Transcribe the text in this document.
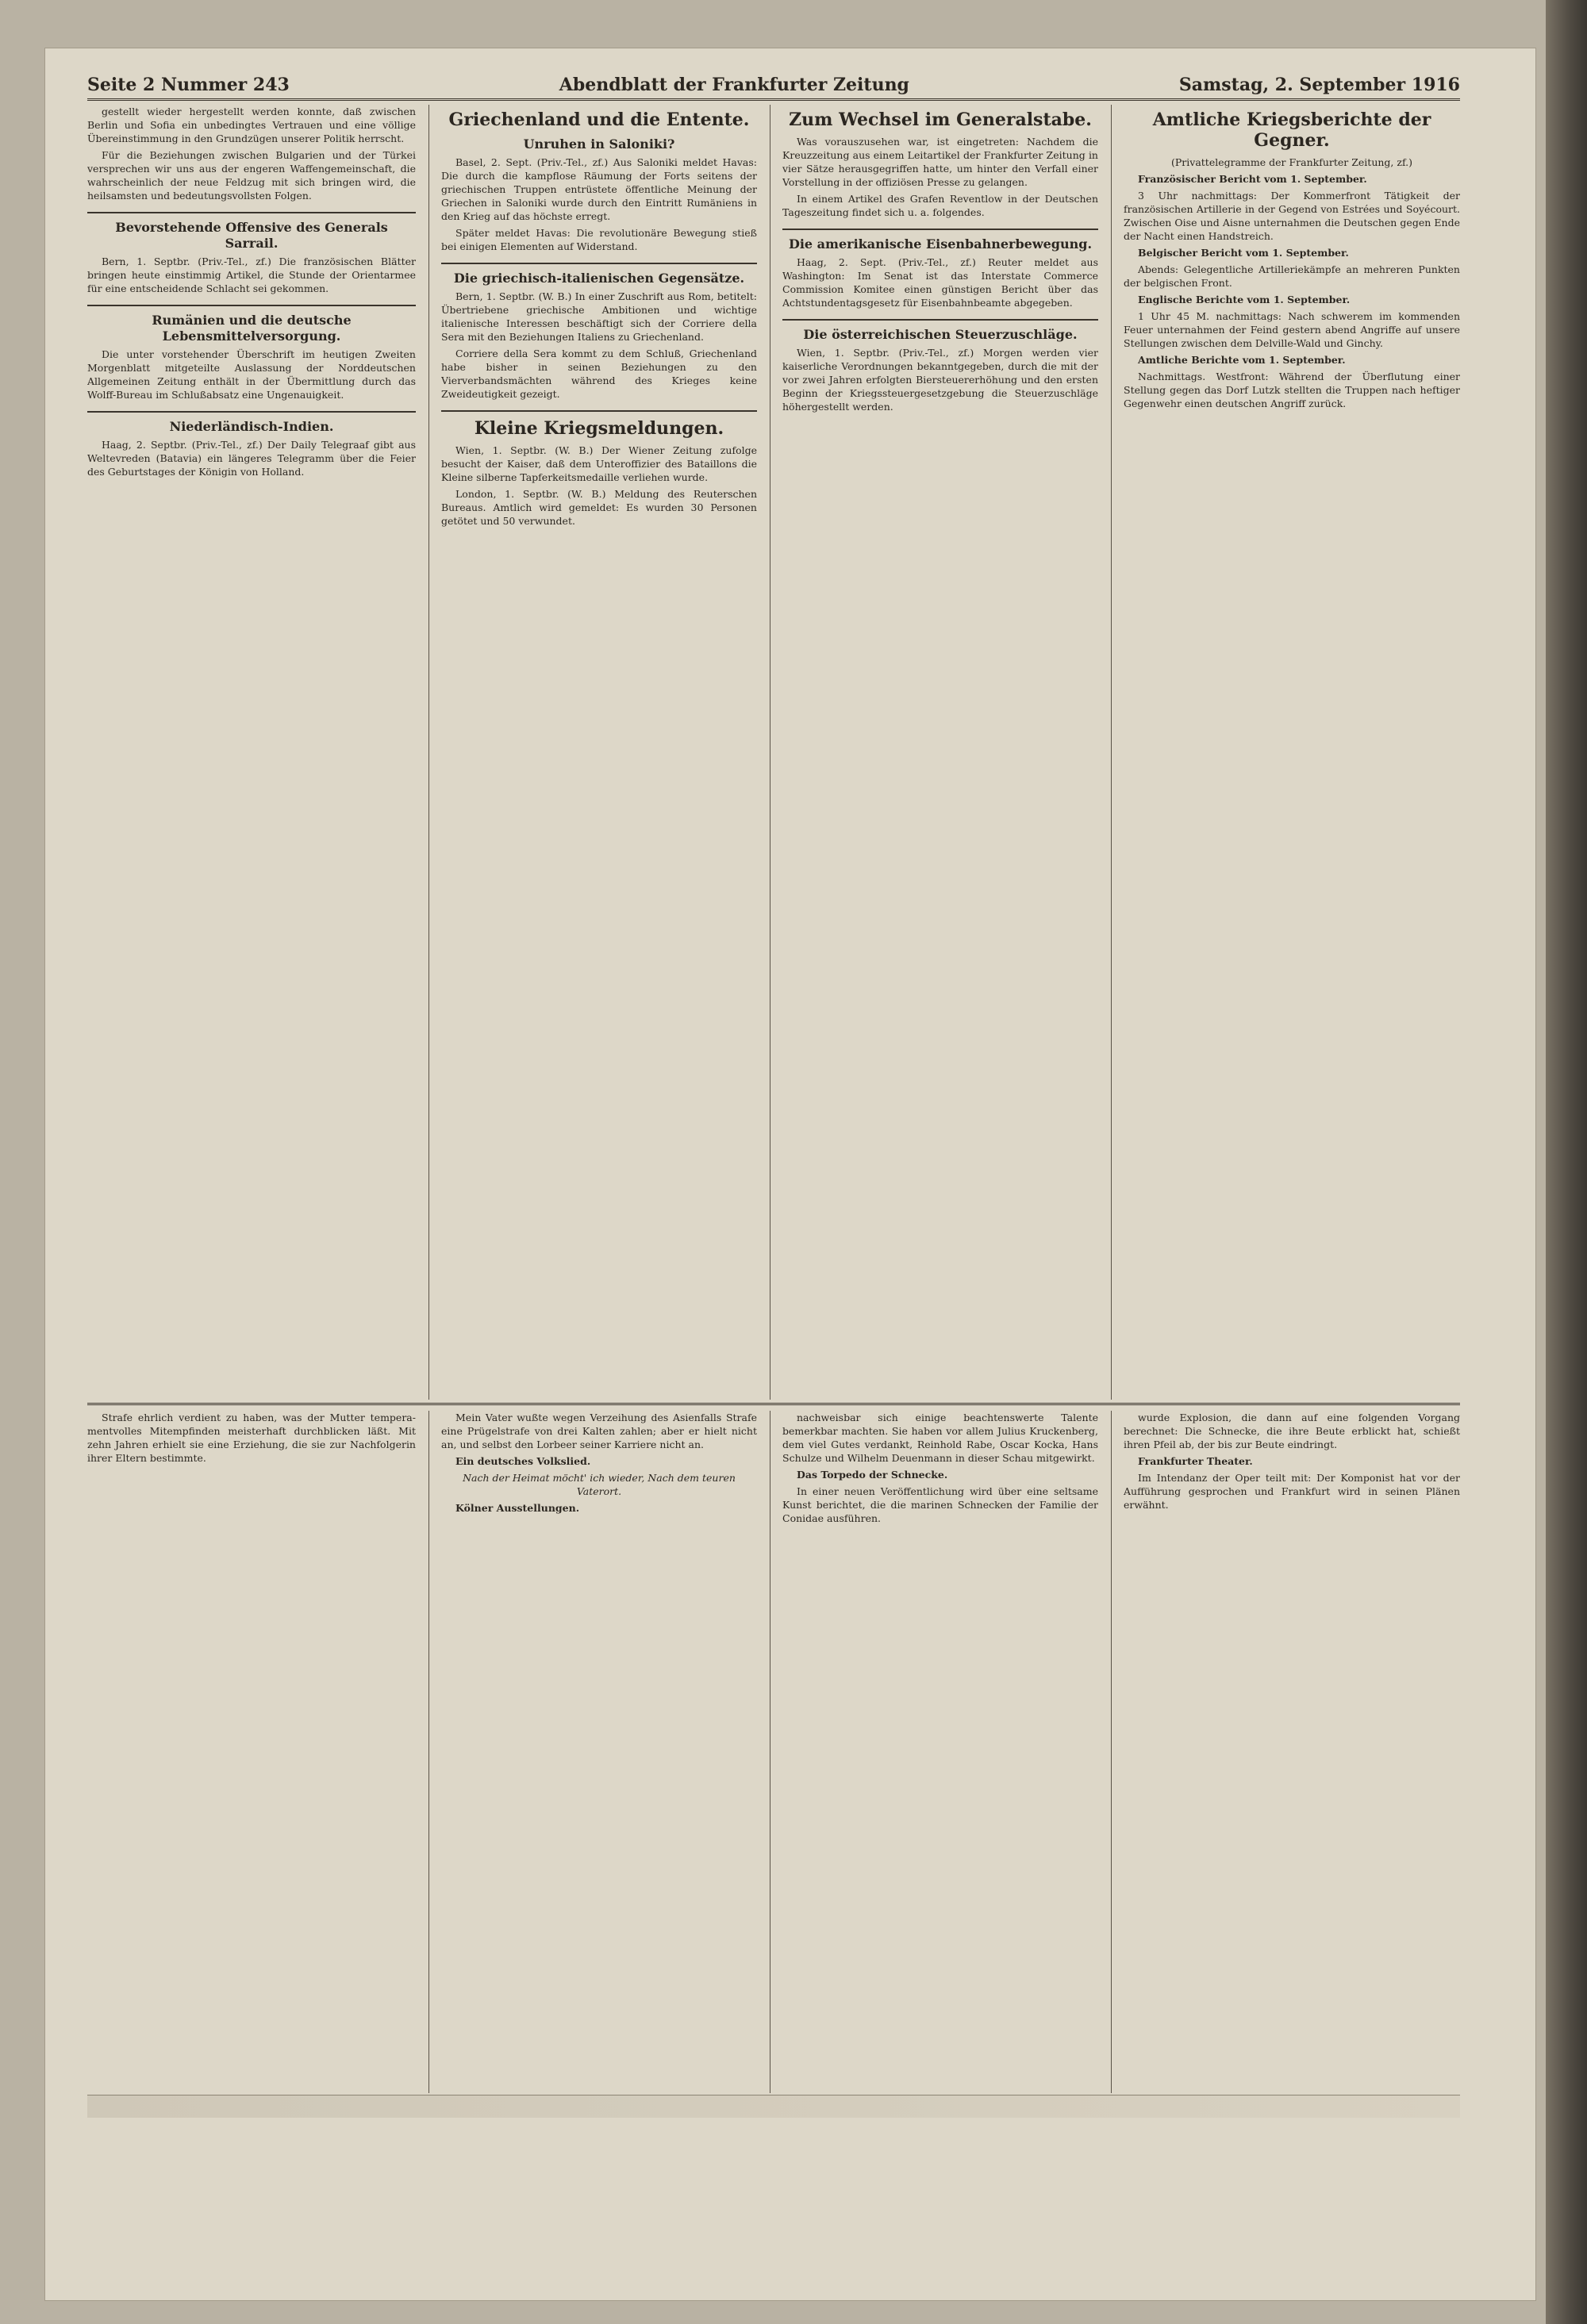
Seite 2 Nummer 243	Abendblatt der Frankfurter Zeitung	Samstag, 2. September 1916

gestellt wieder hergestellt werden konnte, daß zwischen Berlin und Sofia ein unbedingtes Vertrauen und eine völlige Übereinstimmung in den Grundzügen unserer Politik herrscht.

Für die Beziehungen zwischen Bulgarien und der Türkei versprechen wir uns aus der engeren Waffengemeinschaft, die wahrscheinlich der neue Feldzug mit sich bringen wird, die heilsamsten und bedeutungsvollsten Folgen.

Bevorstehende Offensive des Generals Sarrail.

Bern, 1. Septbr. (Priv.-Tel., zf.) Die französischen Blätter bringen heute einstimmig Artikel, die Stunde der Orientarmee für eine entscheidende Schlacht sei gekommen.

Rumänien und die deutsche Lebensmittelversorgung.

Die unter vorstehender Überschrift im heutigen Zweiten Morgenblatt mitgeteilte Auslassung der Norddeutschen Allgemeinen Zeitung enthält in der Übermittlung durch das Wolff-Bureau im Schlußabsatz eine Ungenauigkeit.

Niederländisch-Indien.

Haag, 2. Septbr. (Priv.-Tel., zf.) Der Daily Telegraaf gibt aus Weltevreden (Batavia) ein längeres Telegramm über die Feier des Geburtstages der Königin von Holland.

Griechenland und die Entente.
Unruhen in Saloniki?

Basel, 2. Sept. (Priv.-Tel., zf.) Aus Saloniki meldet Havas: Die durch die kampflose Räumung der Forts seitens der griechischen Truppen entrüstete öffentliche Meinung der Griechen in Saloniki wurde durch den Eintritt Rumäniens in den Krieg auf das höchste erregt.

Später meldet Havas: Die revolutionäre Bewegung stieß bei einigen Elementen auf Widerstand.

Die griechisch-italienischen Gegensätze.

Bern, 1. Septbr. (W. B.) In einer Zuschrift aus Rom, betitelt: Übertriebene griechische Ambitionen und wichtige italienische Interessen beschäftigt sich der Corriere della Sera mit den Beziehungen Italiens zu Griechenland.

Corriere della Sera kommt zu dem Schluß, Griechenland habe bisher in seinen Beziehungen zu den Vierverbandsmächten während des Krieges keine Zweideutigkeit gezeigt.

Kleine Kriegsmeldungen.

Wien, 1. Septbr. (W. B.) Der Wiener Zeitung zufolge besucht der Kaiser, daß dem Unteroffizier des Bataillons die Kleine silberne Tapferkeitsmedaille verliehen wurde.

London, 1. Septbr. (W. B.) Meldung des Reuterschen Bureaus. Amtlich wird gemeldet: Es wurden 30 Personen getötet und 50 verwundet.

Zum Wechsel im Generalstabe.

Was vorauszusehen war, ist eingetreten: Nachdem die Kreuzzeitung aus einem Leitartikel der Frankfurter Zeitung in vier Sätze herausgegriffen hatte, um hinter den Verfall einer Vorstellung in der offiziösen Presse zu gelangen.

In einem Artikel des Grafen Reventlow in der Deutschen Tageszeitung findet sich u. a. folgendes.

Die amerikanische Eisenbahnerbewegung.

Haag, 2. Sept. (Priv.-Tel., zf.) Reuter meldet aus Washington: Im Senat ist das Interstate Commerce Commission Komitee einen günstigen Bericht über das Achtstundentagsgesetz für Eisenbahnbeamte abgegeben.

Die österreichischen Steuerzuschläge.

Wien, 1. Septbr. (Priv.-Tel., zf.) Morgen werden vier kaiserliche Verordnungen bekanntgegeben, durch die mit der vor zwei Jahren erfolgten Biersteuererhöhung und den ersten Beginn der Kriegssteuergesetzgebung die Steuerzuschläge höhergestellt werden.

Amtliche Kriegsberichte der Gegner.

(Privattelegramme der Frankfurter Zeitung, zf.)

Französischer Bericht vom 1. September.

3 Uhr nachmittags: Der Kommerfront Tätigkeit der französischen Artillerie in der Gegend von Estrées und Soyécourt. Zwischen Oise und Aisne unternahmen die Deutschen gegen Ende der Nacht einen Handstreich.

Belgischer Bericht vom 1. September.

Abends: Gelegentliche Artilleriekämpfe an mehreren Punkten der belgischen Front.

Englische Berichte vom 1. September.

1 Uhr 45 M. nachmittags: Nach schwerem im kommenden Feuer unternahmen der Feind gestern abend Angriffe auf unsere Stellungen zwischen dem Delville-Wald und Ginchy.

Amtliche Berichte vom 1. September.

Nachmittags. Westfront: Während der Überflutung einer Stellung gegen das Dorf Lutzk stellten die Truppen nach heftiger Gegenwehr einen deutschen Angriff zurück.

Strafe ehrlich verdient zu haben, was der Mutter tempera-mentvolles Mitempfinden meisterhaft durchblicken läßt. Mit zehn Jahren erhielt sie eine Erziehung, die sie zur Nachfolgerin ihrer Eltern bestimmte.

Mein Vater wußte wegen Verzeihung des Asienfalls Strafe eine Prügelstrafe von drei Kalten zahlen; aber er hielt nicht an, und selbst den Lorbeer seiner Karriere nicht an.

Ein deutsches Volkslied.

Nach der Heimat möcht' ich wieder, Nach dem teuren Vaterort.

Kölner Ausstellungen.

nachweisbar sich einige beachtenswerte Talente bemerkbar machten. Sie haben vor allem Julius Kruckenberg, dem viel Gutes verdankt, Reinhold Rabe, Oscar Kocka, Hans Schulze und Wilhelm Deuenmann in dieser Schau mitgewirkt.

Das Torpedo der Schnecke.

In einer neuen Veröffentlichung wird über eine seltsame Kunst berichtet, die die marinen Schnecken der Familie der Conidae ausführen.

wurde Explosion, die dann auf eine folgenden Vorgang berechnet: Die Schnecke, die ihre Beute erblickt hat, schießt ihren Pfeil ab, der bis zur Beute eindringt.

Frankfurter Theater.

Im Intendanz der Oper teilt mit: Der Komponist hat vor der Aufführung gesprochen und Frankfurt wird in seinen Plänen erwähnt.
